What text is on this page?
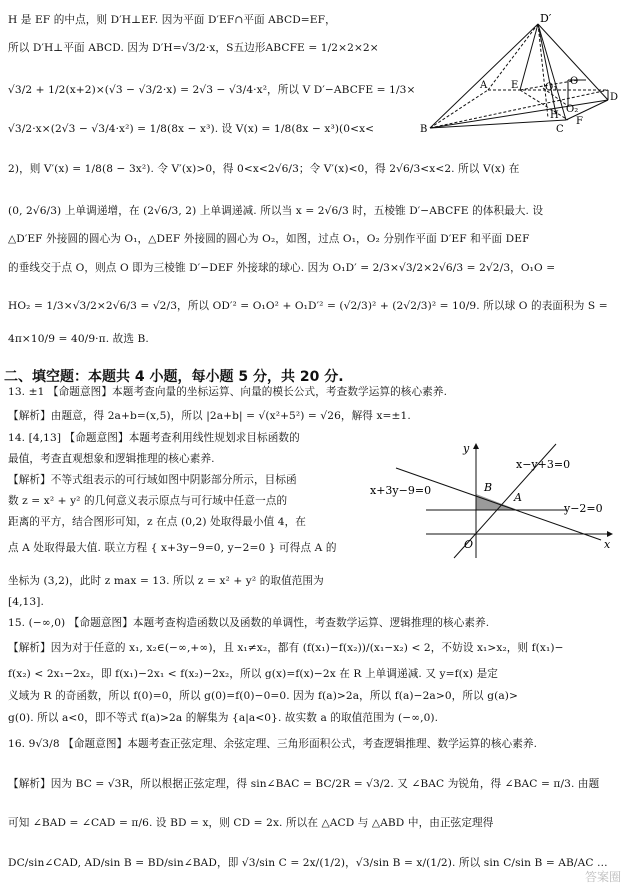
H 是 EF 的中点，则 D′H⊥EF. 因为平面 D′EF∩平面 ABCD=EF，

所以 D′H⊥平面 ABCD. 因为 D′H=√3/2·x，S五边形ABCFE = 1/2×2×2×

√3/2 + 1/2(x+2)×(√3 − √3/2·x) = 2√3 − √3/4·x²，所以 V D′−ABCFE = 1/3×

√3/2·x×(2√3 − √3/4·x²) = 1/8(8x − x³). 设 V(x) = 1/8(8x − x³)(0<x<

2)，则 V′(x) = 1/8(8 − 3x²). 令 V′(x)>0，得 0<x<2√6/3；令 V′(x)<0，得 2√6/3<x<2. 所以 V(x) 在

(0, 2√6/3) 上单调递增，在 (2√6/3, 2) 上单调递减. 所以当 x = 2√6/3 时，五棱锥 D′−ABCFE 的体积最大. 设

△D′EF 外接圆的圆心为 O₁，△DEF 外接圆的圆心为 O₂，如图，过点 O₁，O₂ 分别作平面 D′EF 和平面 DEF

的垂线交于点 O，则点 O 即为三棱锥 D′−DEF 外接球的球心. 因为 O₁D′ = 2/3×√3/2×2√6/3 = 2√2/3，O₁O =

HO₂ = 1/3×√3/2×2√6/3 = √2/3，所以 OD′² = O₁O² + O₁D′² = (√2/3)² + (2√2/3)² = 10/9. 所以球 O 的表面积为 S =

4π×10/9 = 40/9·π. 故选 B.

D′
A E	O₁
O
D
B
H
O₂
C
F

二、填空题：本题共 4 小题，每小题 5 分，共 20 分.

13. ±1 【命题意图】本题考查向量的坐标运算、向量的模长公式，考查数学运算的核心素养.

【解析】由题意，得 2a+b=(x,5)，所以 |2a+b| = √(x²+5²) = √26，解得 x=±1.

14. [4,13] 【命题意图】本题考查利用线性规划求目标函数的

最值，考查直观想象和逻辑推理的核心素养.

【解析】不等式组表示的可行域如图中阴影部分所示，目标函

数 z = x² + y² 的几何意义表示原点与可行域中任意一点的

距离的平方，结合图形可知，z 在点 (0,2) 处取得最小值 4，在

点 A 处取得最大值. 联立方程 { x+3y−9=0, y−2=0 } 可得点 A 的

坐标为 (3,2)，此时 z max = 13. 所以 z = x² + y² 的取值范围为

[4,13].

y
x
O
x−y+3=0
x+3y−9=0
y−2=0
B
A

15. (−∞,0) 【命题意图】本题考查构造函数以及函数的单调性，考查数学运算、逻辑推理的核心素养.

【解析】因为对于任意的 x₁, x₂∈(−∞,+∞)，且 x₁≠x₂，都有 (f(x₁)−f(x₂))/(x₁−x₂) < 2，不妨设 x₁>x₂，则 f(x₁)−

f(x₂) < 2x₁−2x₂，即 f(x₁)−2x₁ < f(x₂)−2x₂，所以 g(x)=f(x)−2x 在 R 上单调递减. 又 y=f(x) 是定

义域为 R 的奇函数，所以 f(0)=0，所以 g(0)=f(0)−0=0. 因为 f(a)>2a，所以 f(a)−2a>0，所以 g(a)>

g(0). 所以 a<0，即不等式 f(a)>2a 的解集为 {a|a<0}. 故实数 a 的取值范围为 (−∞,0).

16. 9√3/8 【命题意图】本题考查正弦定理、余弦定理、三角形面积公式，考查逻辑推理、数学运算的核心素养.

【解析】因为 BC = √3R，所以根据正弦定理，得 sin∠BAC = BC/2R = √3/2. 又 ∠BAC 为锐角，得 ∠BAC = π/3. 由题

可知 ∠BAD = ∠CAD = π/6. 设 BD = x，则 CD = 2x. 所以在 △ACD 与 △ABD 中，由正弦定理得

DC/sin∠CAD, AD/sin B = BD/sin∠BAD，即 √3/sin C = 2x/(1/2)，√3/sin B = x/(1/2). 所以 sin C/sin B = AB/AC …

答案圈
